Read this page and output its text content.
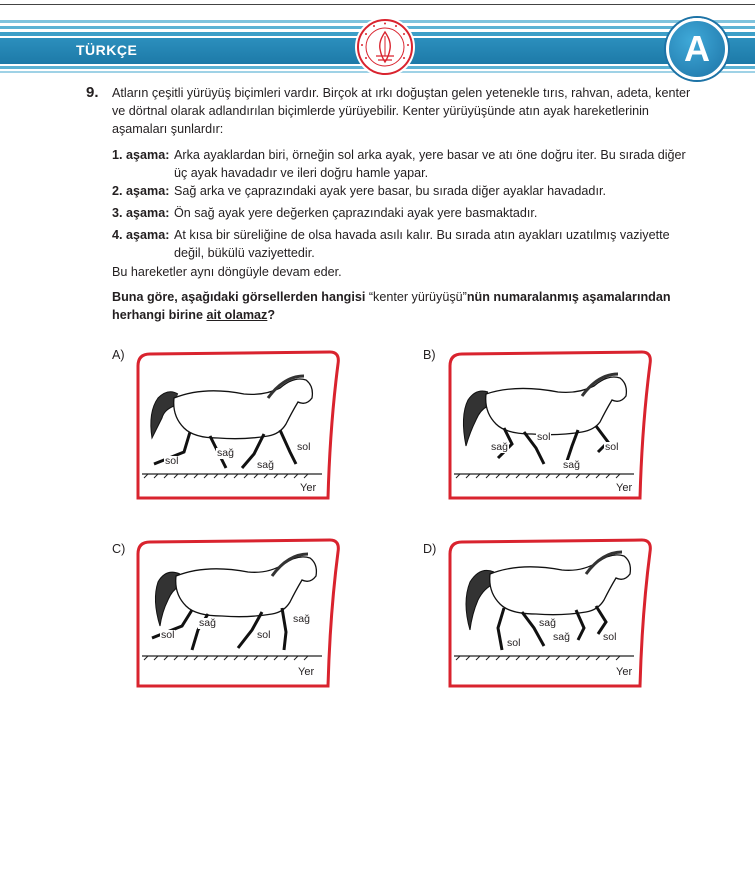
TÜRKÇE	A
9. Atların çeşitli yürüyüş biçimleri vardır. Birçok at ırkı doğuştan gelen yetenekle tırıs, rahvan, adeta, kenter ve dörtnal olarak adlandırılan biçimlerde yürüyebilir. Kenter yürüyüşünde atın ayak hareketlerinin aşamaları şunlardır:
1. aşama: Arka ayaklardan biri, örneğin sol arka ayak, yere basar ve atı öne doğru iter. Bu sırada diğer üç ayak havadadır ve ileri doğru hamle yapar.
2. aşama: Sağ arka ve çaprazındaki ayak yere basar, bu sırada diğer ayaklar havadadır.
3. aşama: Ön sağ ayak yere değerken çaprazındaki ayak yere basmaktadır.
4. aşama: At kısa bir süreliğine de olsa havada asılı kalır. Bu sırada atın ayakları uzatılmış vaziyette değil, bükülü vaziyettedir.
Bu hareketler aynı döngüyle devam eder.
Buna göre, aşağıdaki görsellerden hangisi “kenter yürüyüşü”nün numaralanmış aşamalarından herhangi birine ait olamaz?
A)
sol
sağ
sağ
sol
Yer
B)
sağ
sol
sol
sağ
Yer
C)
sağ
sol	sol
sağ
Yer
D)
sol
sağ
sağ	sol
Yer
